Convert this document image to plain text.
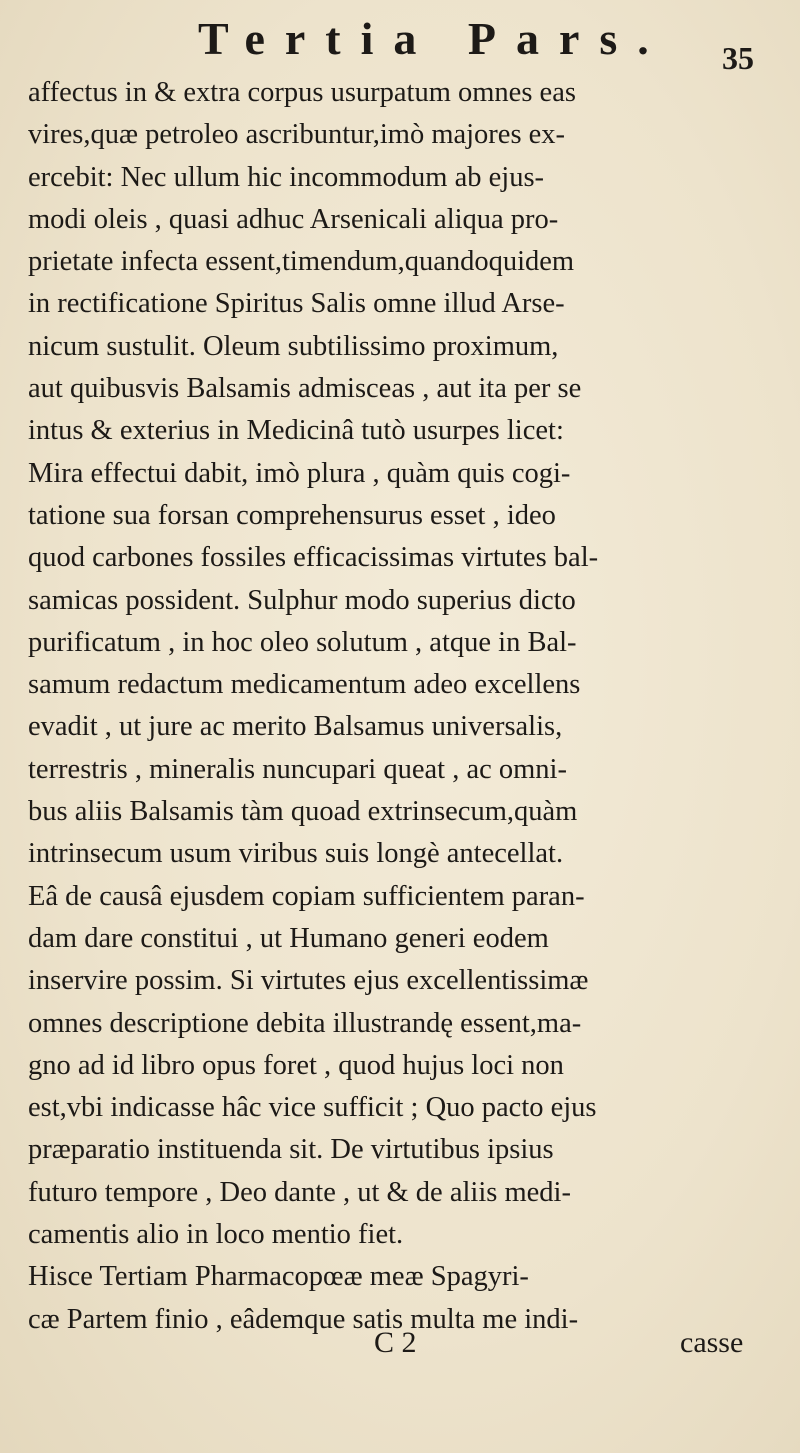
Tertia Pars. 35
affectus in & extra corpus usurpatum omnes eas
vires,quæ petroleo ascribuntur,imò majores ex-
ercebit: Nec ullum hic incommodum ab ejus-
modi oleis , quasi adhuc Arsenicali aliqua pro-
prietate infecta essent,timendum,quandoquidem
in rectificatione Spiritus Salis omne illud Arse-
nicum sustulit. Oleum subtilissimo proximum,
aut quibusvis Balsamis admisceas , aut ita per se
intus & exterius in Medicinâ tutò usurpes licet:
Mira effectui dabit, imò plura , quàm quis cogi-
tatione sua forsan comprehensurus esset , ideo
quod carbones fossiles efficacissimas virtutes bal-
samicas possident. Sulphur modo superius dicto
purificatum , in hoc oleo solutum , atque in Bal-
samum redactum medicamentum adeo excellens
evadit , ut jure ac merito Balsamus universalis,
terrestris , mineralis nuncupari queat , ac omni-
bus aliis Balsamis tàm quoad extrinsecum,quàm
intrinsecum usum viribus suis longè antecellat.
Eâ de causâ ejusdem copiam sufficientem paran-
dam dare constitui , ut Humano generi eodem
inservire possim. Si virtutes ejus excellentissimæ
omnes descriptione debita illustrandę essent,ma-
gno ad id libro opus foret , quod hujus loci non
est,vbi indicasse hâc vice sufficit ; Quo pacto ejus
præparatio instituenda sit. De virtutibus ipsius
futuro tempore , Deo dante , ut & de aliis medi-
camentis alio in loco mentio fiet.
Hisce Tertiam Pharmacopœæ meæ Spagyri-
cæ Partem finio , eâdemque satis multa me indi-
C 2	casse
